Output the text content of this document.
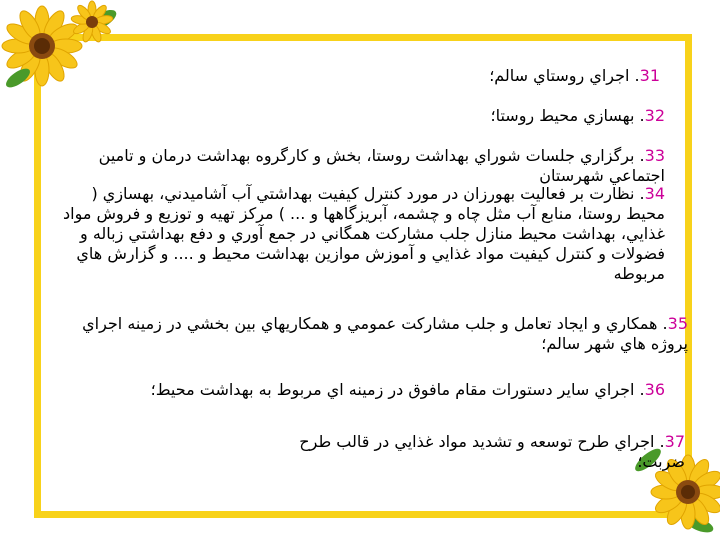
31. اجراي روستاي سالم؛
32. بهسازي محيط روستا؛
33. برگزاري جلسات شوراي بهداشت روستا، بخش و كارگروه بهداشت درمان و تامين اجتماعي شهرستان
34. نظارت بر فعاليت بهورزان در مورد كنترل كيفيت بهداشتي آب آشاميدني، بهسازي ( محيط روستا، منابع آب مثل چاه و چشمه، آبريزگاهها و ... ) مركز تهيه و توزيع و فروش مواد غذايي، بهداشت محيط منازل جلب مشاركت همگاني در جمع آوري و دفع بهداشتي زباله و فضولات و كنترل كيفيت مواد غذايي و آموزش موازين بهداشت محيط و .... و گزارش هاي مربوطه
35. همكاري و ايجاد تعامل و جلب مشاركت عمومي و همكاريهاي بين بخشي در زمينه اجراي پروژه هاي شهر سالم؛
36. اجراي ساير دستورات مقام مافوق در زمينه اي مربوط به بهداشت محيط؛
37. اجراي طرح توسعه و تشديد مواد غذايي در قالب طرح ضربت؛
